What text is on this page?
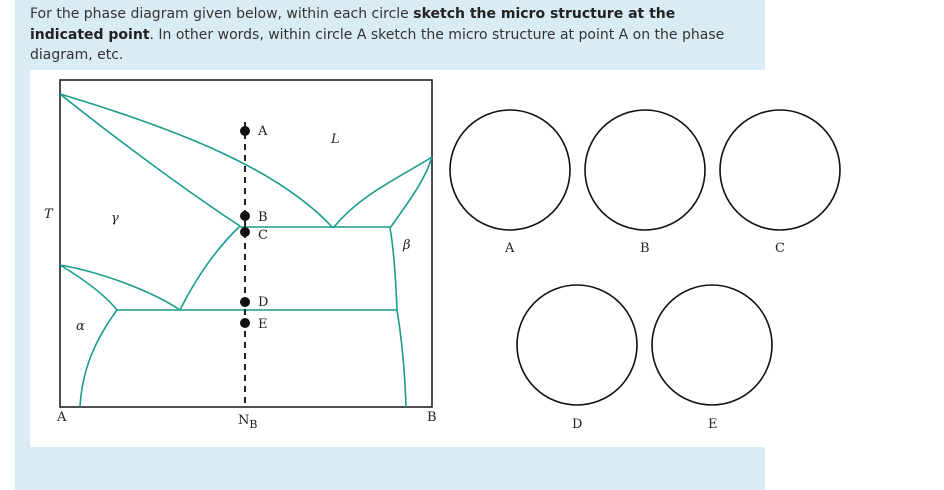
For the phase diagram given below, within each circle sketch the micro structure at the indicated point. In other words, within circle A sketch the micro structure at point A on the phase diagram, etc.
A
B
C
D
E
L
γ
β
α
T
A	B
$N_B$
A	B	C
D	E
